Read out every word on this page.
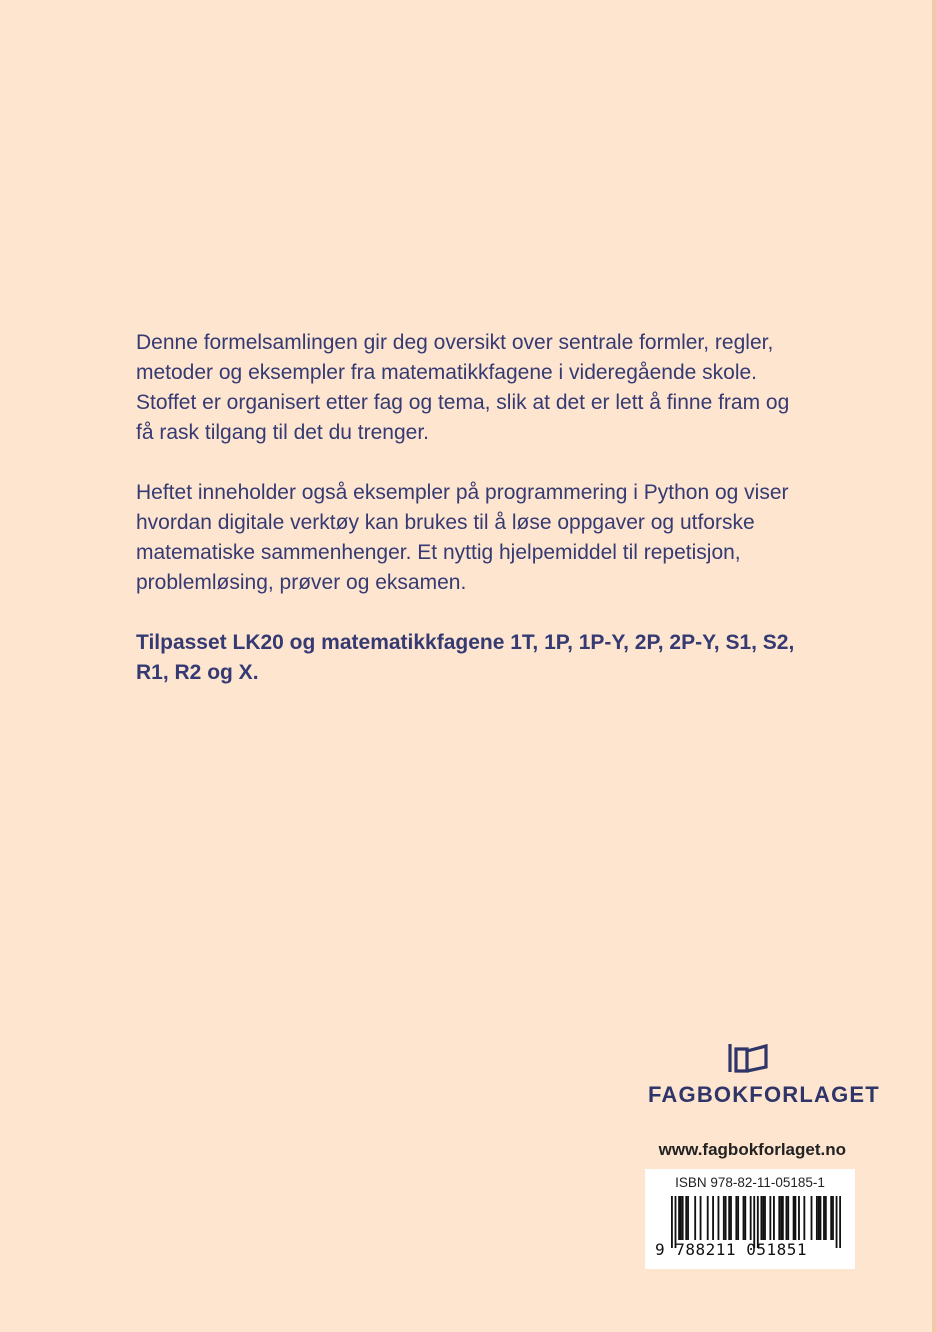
Denne formelsamlingen gir deg oversikt over sentrale formler, regler, metoder og eksempler fra matematikkfagene i videregående skole. Stoffet er organisert etter fag og tema, slik at det er lett å finne fram og få rask tilgang til det du trenger.

Heftet inneholder også eksempler på programmering i Python og viser hvordan digitale verktøy kan brukes til å løse oppgaver og utforske matematiske sammenhenger. Et nyttig hjelpemiddel til repetisjon, problemløsing, prøver og eksamen.

Tilpasset LK20 og matematikkfagene 1T, 1P, 1P-Y, 2P, 2P-Y, S1, S2, R1, R2 og X.

FAGBOKFORLAGET
www.fagbokforlaget.no
ISBN 978-82-11-05185-1
9 788211 051851
